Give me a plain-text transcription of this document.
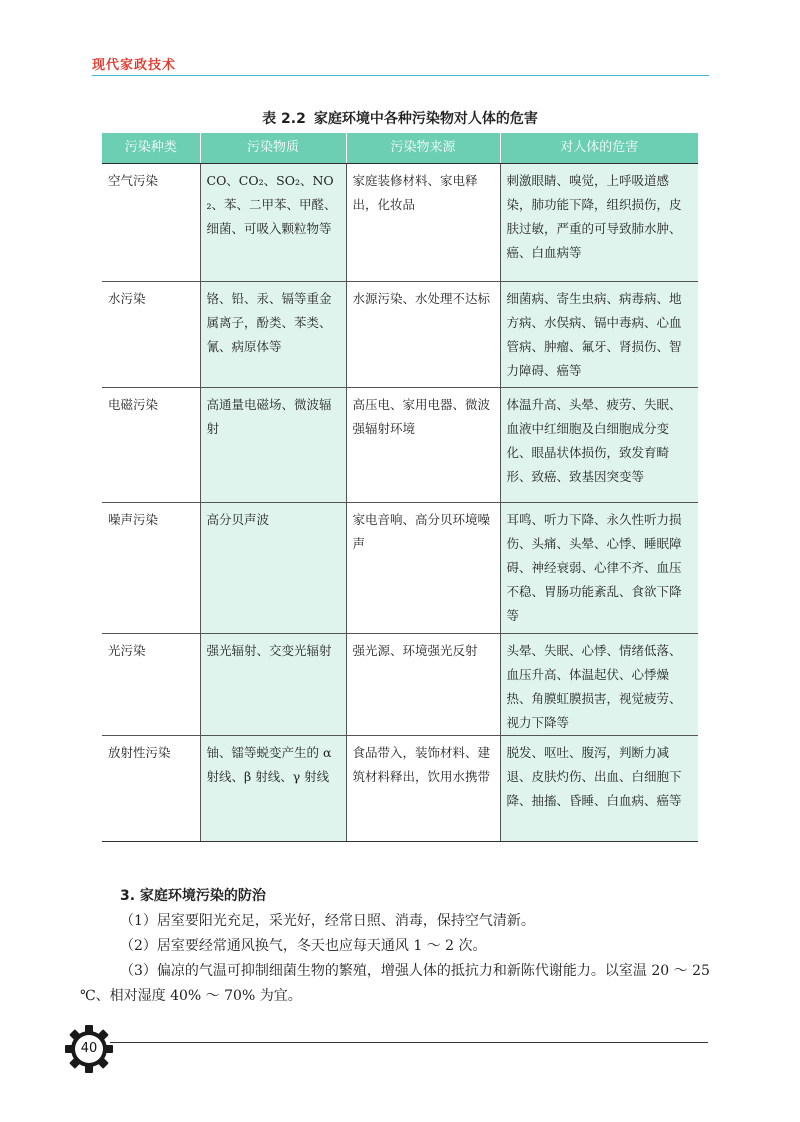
现代家政技术
表 2.2 家庭环境中各种污染物对人体的危害
污染种类	污染物质	污染物来源	对人体的危害
空气污染	CO、CO₂、SO₂、NO₂、苯、二甲苯、甲醛、细菌、可吸入颗粒物等	家庭装修材料、家电释出，化妆品	刺激眼睛、嗅觉，上呼吸道感染，肺功能下降，组织损伤，皮肤过敏，严重的可导致肺水肿、癌、白血病等
水污染	铬、铅、汞、镉等重金属离子，酚类、苯类、氰、病原体等	水源污染、水处理不达标	细菌病、寄生虫病、病毒病、地方病、水俣病、镉中毒病、心血管病、肿瘤、氟牙、肾损伤、智力障碍、癌等
电磁污染	高通量电磁场、微波辐射	高压电、家用电器、微波强辐射环境	体温升高、头晕、疲劳、失眠、血液中红细胞及白细胞成分变化、眼晶状体损伤，致发育畸形、致癌、致基因突变等
噪声污染	高分贝声波	家电音响、高分贝环境噪声	耳鸣、听力下降、永久性听力损伤、头痛、头晕、心悸、睡眠障碍、神经衰弱、心律不齐、血压不稳、胃肠功能紊乱、食欲下降等
光污染	强光辐射、交变光辐射	强光源、环境强光反射	头晕、失眠、心悸、情绪低落、血压升高、体温起伏、心悸燥热、角膜虹膜损害，视觉疲劳、视力下降等
放射性污染	铀、镭等蜕变产生的 α 射线、β 射线、γ 射线	食品带入，装饰材料、建筑材料释出，饮用水携带	脱发、呕吐、腹泻，判断力减退、皮肤灼伤、出血、白细胞下降、抽搐、昏睡、白血病、癌等
3. 家庭环境污染的防治

（1）居室要阳光充足，采光好，经常日照、消毒，保持空气清新。

（2）居室要经常通风换气，冬天也应每天通风 1 ～ 2 次。

（3）偏凉的气温可抑制细菌生物的繁殖，增强人体的抵抗力和新陈代谢能力。以室温 20 ～ 25 ℃、相对湿度 40% ～ 70% 为宜。

40
